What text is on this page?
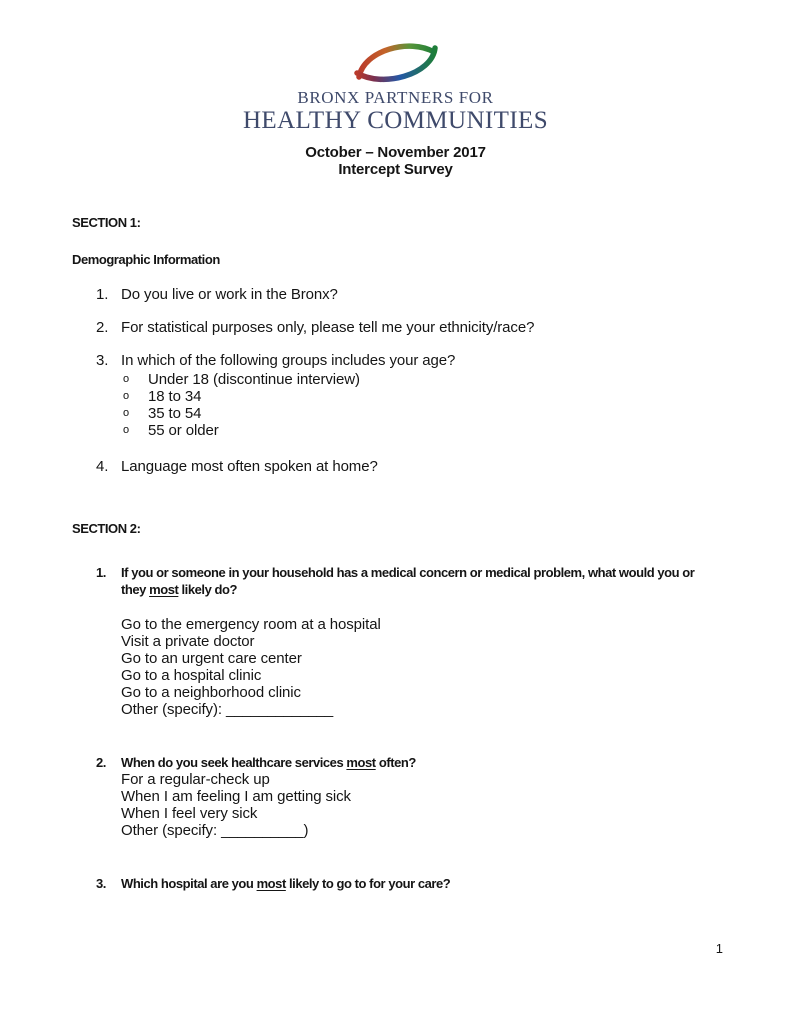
BRONX PARTNERS FOR
HEALTHY COMMUNITIES
October – November 2017
Intercept Survey
SECTION 1:
Demographic Information
1. Do you live or work in the Bronx?
2. For statistical purposes only, please tell me your ethnicity/race?
3. In which of the following groups includes your age?
o	Under 18 (discontinue interview)
o	18 to 34
o	35 to 54
o	55 or older
4. Language most often spoken at home?
SECTION 2:
1.	If you or someone in your household has a medical concern or medical problem, what would you or
they most likely do?
Go to the emergency room at a hospital
Visit a private doctor
Go to an urgent care center
Go to a hospital clinic
Go to a neighborhood clinic
Other (specify): _____________
2.	When do you seek healthcare services most often?
For a regular-check up
When I am feeling I am getting sick
When I feel very sick
Other (specify: __________)
3.	Which hospital are you most likely to go to for your care?
1
